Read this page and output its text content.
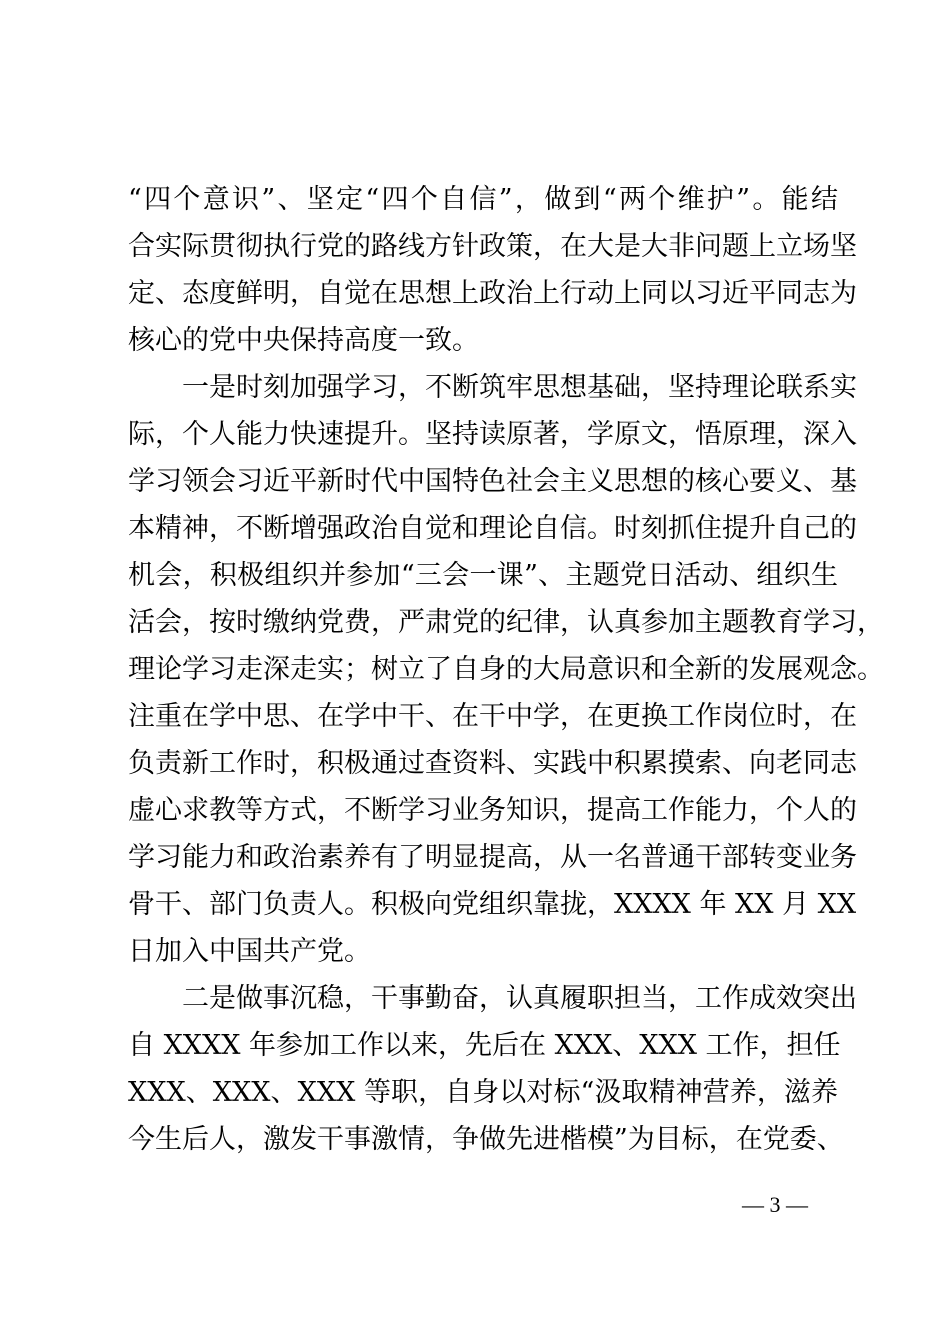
“四个意识”、坚定“四个自信”，做到“两个维护”。能结
合实际贯彻执行党的路线方针政策，在大是大非问题上立场坚
定、态度鲜明，自觉在思想上政治上行动上同以习近平同志为
核心的党中央保持高度一致。
一是时刻加强学习，不断筑牢思想基础，坚持理论联系实
际，个人能力快速提升。坚持读原著，学原文，悟原理，深入
学习领会习近平新时代中国特色社会主义思想的核心要义、基
本精神，不断增强政治自觉和理论自信。时刻抓住提升自己的
机会，积极组织并参加“三会一课”、主题党日活动、组织生
活会，按时缴纳党费，严肃党的纪律，认真参加主题教育学习，
理论学习走深走实；树立了自身的大局意识和全新的发展观念。
注重在学中思、在学中干、在干中学，在更换工作岗位时，在
负责新工作时，积极通过查资料、实践中积累摸索、向老同志
虚心求教等方式，不断学习业务知识，提高工作能力，个人的
学习能力和政治素养有了明显提高，从一名普通干部转变业务
骨干、部门负责人。积极向党组织靠拢，XXXX 年 XX 月 XX
日加入中国共产党。
二是做事沉稳，干事勤奋，认真履职担当，工作成效突出
自 XXXX 年参加工作以来，先后在 XXX、XXX 工作，担任
XXX、XXX、XXX 等职，自身以对标“汲取精神营养，滋养
今生后人，激发干事激情，争做先进楷模”为目标，在党委、
— 3 —
